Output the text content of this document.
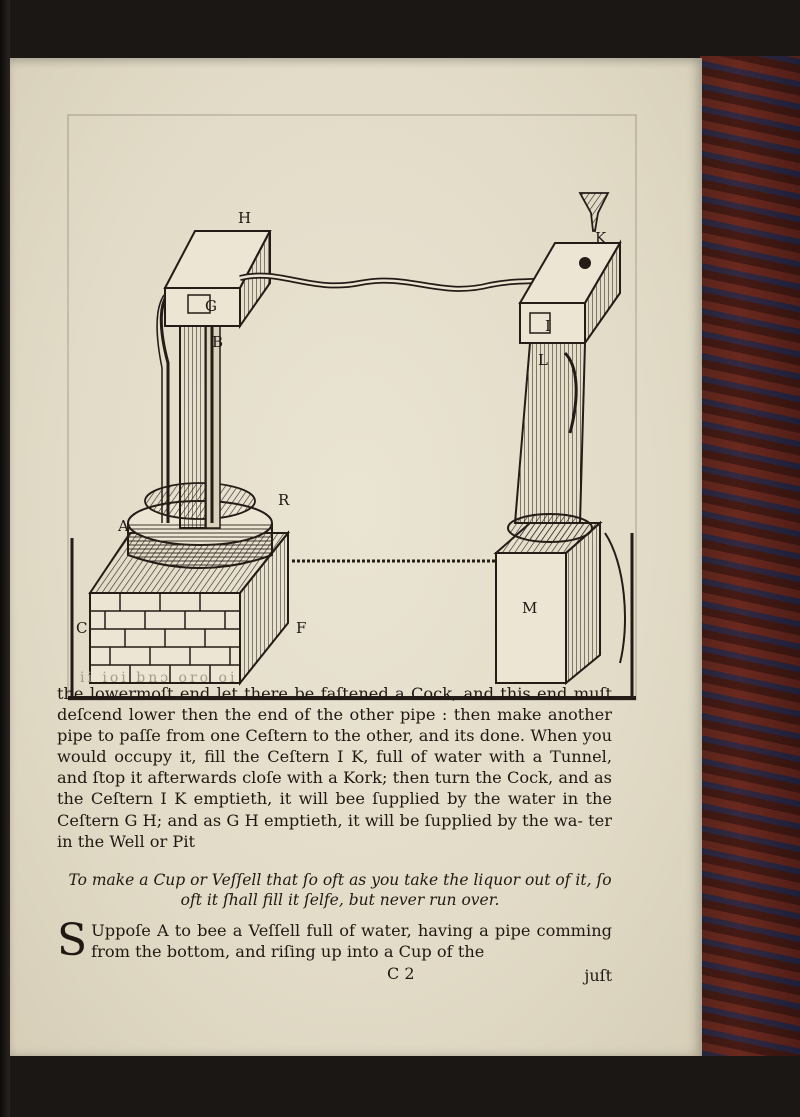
H
K
G
I
L
B
A
R
C	F
M
ii ioi bnɔ oro oi

the lowermoſt end let there be faſtened a Cock, and this end muſt deſcend lower then the end of the other pipe : then make another pipe to paſſe from one Ceſtern to the other, and its done. When you would occupy it, fill the Ceſtern I K, full of water with a Tunnel, and ſtop it afterwards cloſe with a Kork; then turn the Cock, and as the Ceſtern I K emptieth, it will bee ſupplied by the water in the Ceſtern G H; and as G H emptieth, it will be ſupplied by the wa- ter in the Well or Pit

To make a Cup or Veſſell that ſo oft as you take the liquor out of it, ſo oft it ſhall fill it ſelfe, but never run over.
S Uppoſe A to bee a Veſſell full of water, having a pipe comming from the bottom, and riſing up into a Cup of the
C 2	juſt
